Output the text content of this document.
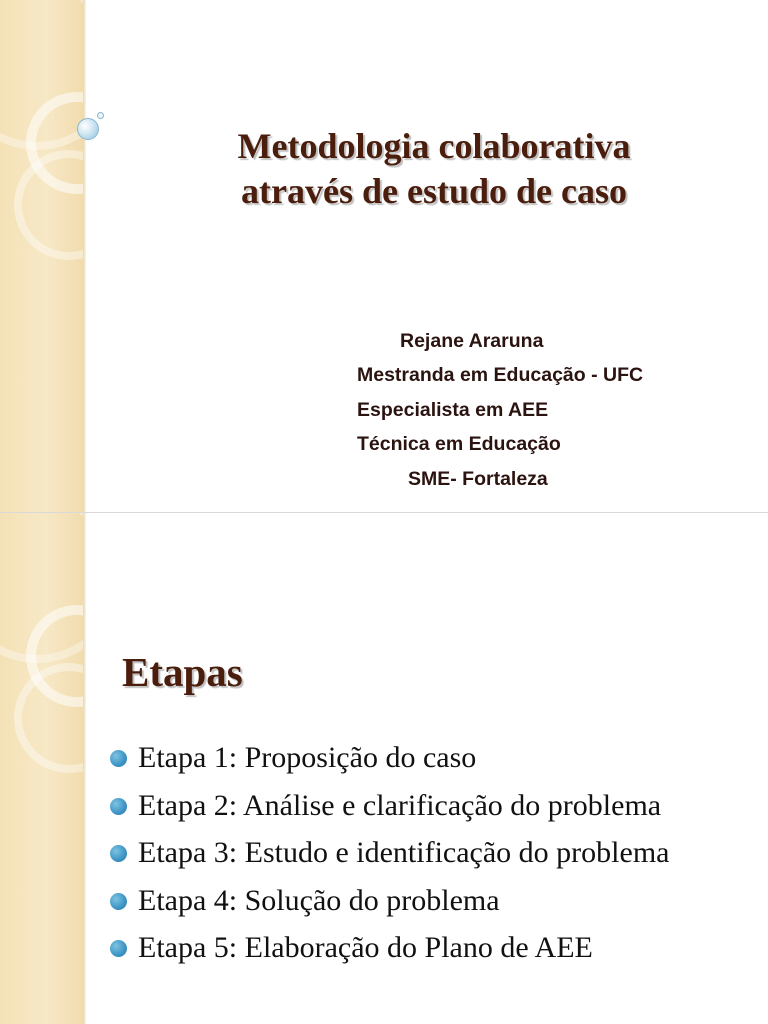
Metodologia colaborativa
através de estudo de caso
Rejane Araruna
Mestranda em Educação - UFC
Especialista em AEE
Técnica em Educação
SME- Fortaleza
Etapas
Etapa 1: Proposição do caso
Etapa 2: Análise e clarificação do problema
Etapa 3: Estudo e identificação do problema
Etapa 4: Solução do problema
Etapa 5: Elaboração do Plano de AEE
